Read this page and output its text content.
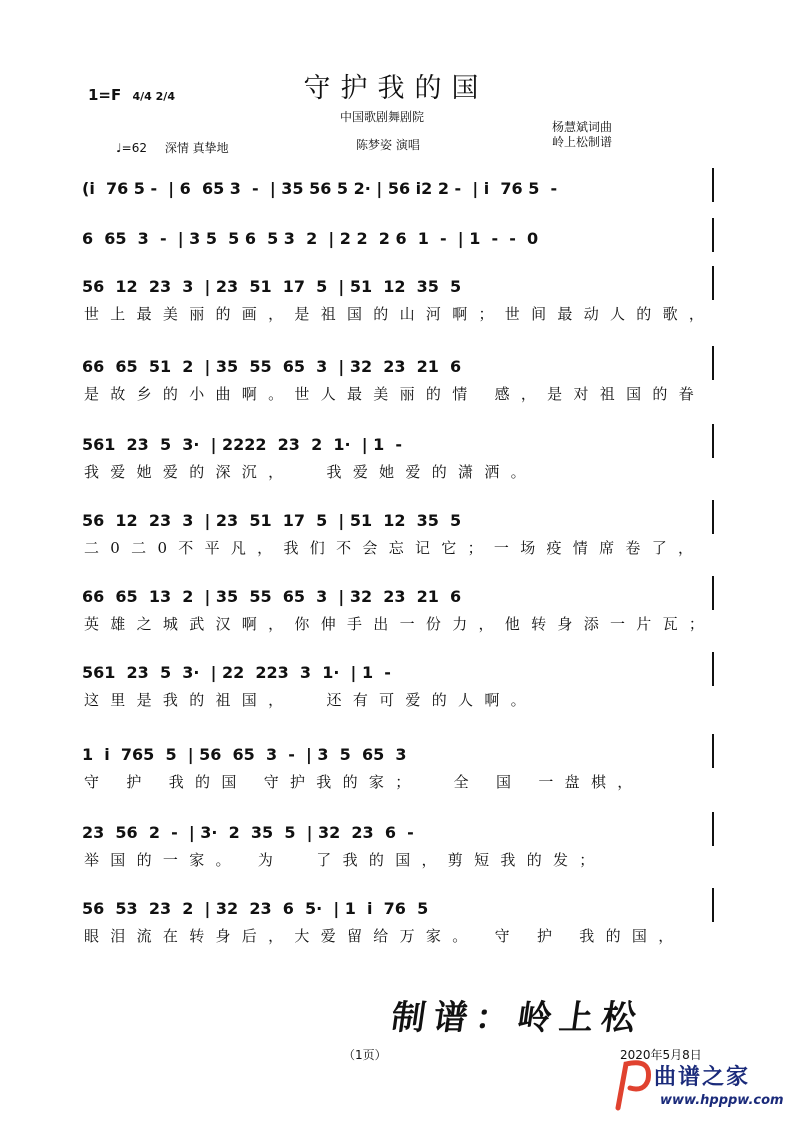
守护我的国
1=F 4/4 2/4
中国歌剧舞剧院
杨慧斌词曲
陈梦姿 演唱	岭上松制谱
♩=62 深情 真挚地
(i  76 5 -  | 6  65 3  -  | 35 56 5 2· | 56 i2 2 -  | i  76 5  -
6  65  3  -  | 3 5  5 6  5 3  2  | 2 2  2 6  1  -  | 1  -  -  0
56  12  23  3  | 23  51  17  5  | 51  12  35  5
世上最美丽的画，是祖国的山河啊；世间最动人的歌，
66  65  51  2  | 35  55  65  3  | 32  23  21  6
是故乡的小曲啊。世人最美丽的情 感，是对祖国的眷
561  23  5  3·  | 2222  23  2  1·  | 1  -
我爱她爱的深沉，  我爱她爱的潇洒。
56  12  23  3  | 23  51  17  5  | 51  12  35  5
二0二0不平凡，我们不会忘记它；一场疫情席卷了，
66  65  13  2  | 35  55  65  3  | 32  23  21  6
英雄之城武汉啊，你伸手出一份力，他转身添一片瓦；
561  23  5  3·  | 22  223  3  1·  | 1  -
这里是我的祖国，  还有可爱的人啊。
1  i  765  5  | 56  65  3  -  | 3  5  65  3
守 护 我的国 守护我的家；  全 国 一盘棋，
23  56  2  -  | 3·  2  35  5  | 32  23  6  -
举国的一家。 为  了我的国，剪短我的发；
56  53  23  2  | 32  23  6  5·  | 1  i  76  5
眼泪流在转身后，大爱留给万家。 守 护 我的国，
制谱：岭上松
（1页）	2020年5月8日
曲谱之家
www.hpppw.com
